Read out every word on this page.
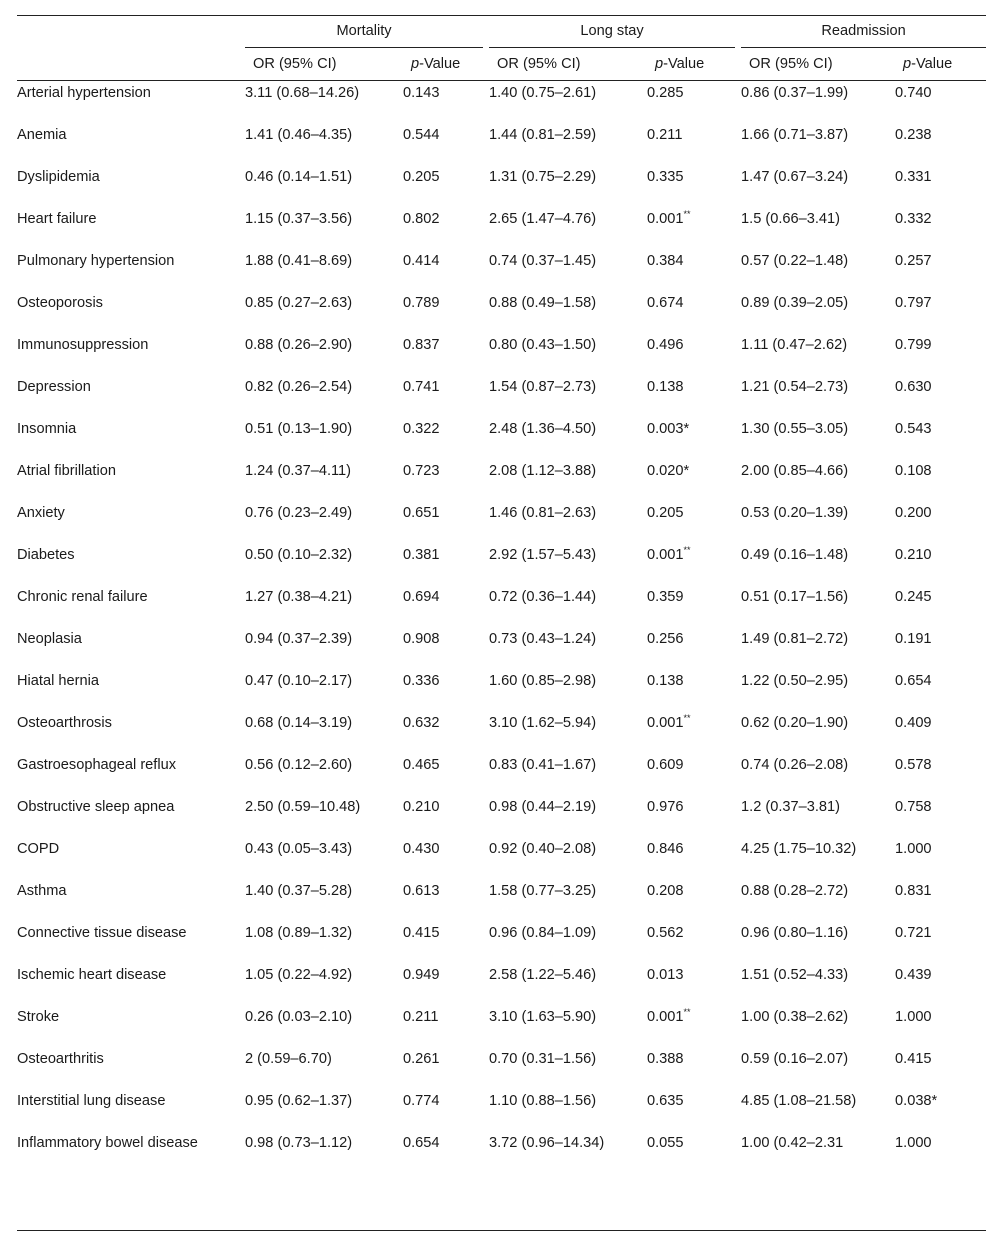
	Mortality			Long stay			Readmission	
	OR (95% CI)	p-Value		OR (95% CI)	p-Value		OR (95% CI)	p-Value
Arterial hypertension	3.11 (0.68–14.26)	0.143		1.40 (0.75–2.61)	0.285		0.86 (0.37–1.99)	0.740
Anemia	1.41 (0.46–4.35)	0.544		1.44 (0.81–2.59)	0.211		1.66 (0.71–3.87)	0.238
Dyslipidemia	0.46 (0.14–1.51)	0.205		1.31 (0.75–2.29)	0.335		1.47 (0.67–3.24)	0.331
Heart failure	1.15 (0.37–3.56)	0.802		2.65 (1.47–4.76)	0.001**		1.5 (0.66–3.41)	0.332
Pulmonary hypertension	1.88 (0.41–8.69)	0.414		0.74 (0.37–1.45)	0.384		0.57 (0.22–1.48)	0.257
Osteoporosis	0.85 (0.27–2.63)	0.789		0.88 (0.49–1.58)	0.674		0.89 (0.39–2.05)	0.797
Immunosuppression	0.88 (0.26–2.90)	0.837		0.80 (0.43–1.50)	0.496		1.11 (0.47–2.62)	0.799
Depression	0.82 (0.26–2.54)	0.741		1.54 (0.87–2.73)	0.138		1.21 (0.54–2.73)	0.630
Insomnia	0.51 (0.13–1.90)	0.322		2.48 (1.36–4.50)	0.003*		1.30 (0.55–3.05)	0.543
Atrial fibrillation	1.24 (0.37–4.11)	0.723		2.08 (1.12–3.88)	0.020*		2.00 (0.85–4.66)	0.108
Anxiety	0.76 (0.23–2.49)	0.651		1.46 (0.81–2.63)	0.205		0.53 (0.20–1.39)	0.200
Diabetes	0.50 (0.10–2.32)	0.381		2.92 (1.57–5.43)	0.001**		0.49 (0.16–1.48)	0.210
Chronic renal failure	1.27 (0.38–4.21)	0.694		0.72 (0.36–1.44)	0.359		0.51 (0.17–1.56)	0.245
Neoplasia	0.94 (0.37–2.39)	0.908		0.73 (0.43–1.24)	0.256		1.49 (0.81–2.72)	0.191
Hiatal hernia	0.47 (0.10–2.17)	0.336		1.60 (0.85–2.98)	0.138		1.22 (0.50–2.95)	0.654
Osteoarthrosis	0.68 (0.14–3.19)	0.632		3.10 (1.62–5.94)	0.001**		0.62 (0.20–1.90)	0.409
Gastroesophageal reflux	0.56 (0.12–2.60)	0.465		0.83 (0.41–1.67)	0.609		0.74 (0.26–2.08)	0.578
Obstructive sleep apnea	2.50 (0.59–10.48)	0.210		0.98 (0.44–2.19)	0.976		1.2 (0.37–3.81)	0.758
COPD	0.43 (0.05–3.43)	0.430		0.92 (0.40–2.08)	0.846		4.25 (1.75–10.32)	1.000
Asthma	1.40 (0.37–5.28)	0.613		1.58 (0.77–3.25)	0.208		0.88 (0.28–2.72)	0.831
Connective tissue disease	1.08 (0.89–1.32)	0.415		0.96 (0.84–1.09)	0.562		0.96 (0.80–1.16)	0.721
Ischemic heart disease	1.05 (0.22–4.92)	0.949		2.58 (1.22–5.46)	0.013		1.51 (0.52–4.33)	0.439
Stroke	0.26 (0.03–2.10)	0.211		3.10 (1.63–5.90)	0.001**		1.00 (0.38–2.62)	1.000
Osteoarthritis	2 (0.59–6.70)	0.261		0.70 (0.31–1.56)	0.388		0.59 (0.16–2.07)	0.415
Interstitial lung disease	0.95 (0.62–1.37)	0.774		1.10 (0.88–1.56)	0.635		4.85 (1.08–21.58)	0.038*
Inflammatory bowel disease	0.98 (0.73–1.12)	0.654		3.72 (0.96–14.34)	0.055		1.00 (0.42–2.31	1.000
